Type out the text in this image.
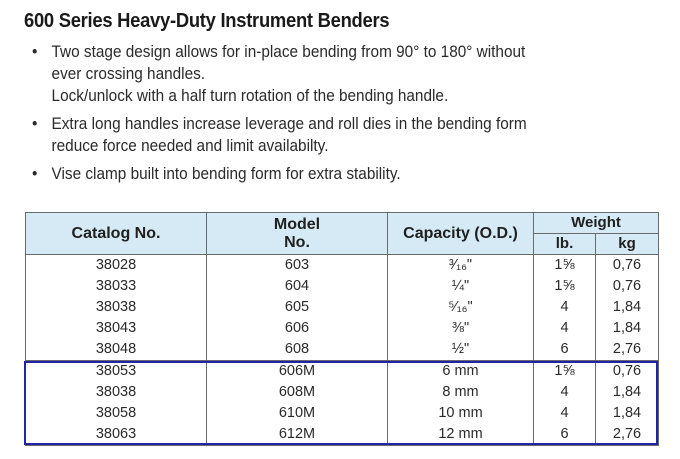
600 Series Heavy-Duty Instrument Benders
• Two stage design allows for in-place bending from 90° to 180° without
ever crossing handles.
Lock/unlock with a half turn rotation of the bending handle.
• Extra long handles increase leverage and roll dies in the bending form
reduce force needed and limit availabilty.
• Vise clamp built into bending form for extra stability.
Catalog No.	Model No.	Capacity (O.D.)	Weight	
			lb.	kg
38028	603	³⁄₁₆"	1⅝	0,76
38033	604	¼"	1⅝	0,76
38038	605	⁵⁄₁₆"	4	1,84
38043	606	⅜"	4	1,84
38048	608	½"	6	2,76
38053	606M	6 mm	1⅝	0,76
38038	608M	8 mm	4	1,84
38058	610M	10 mm	4	1,84
38063	612M	12 mm	6	2,76
